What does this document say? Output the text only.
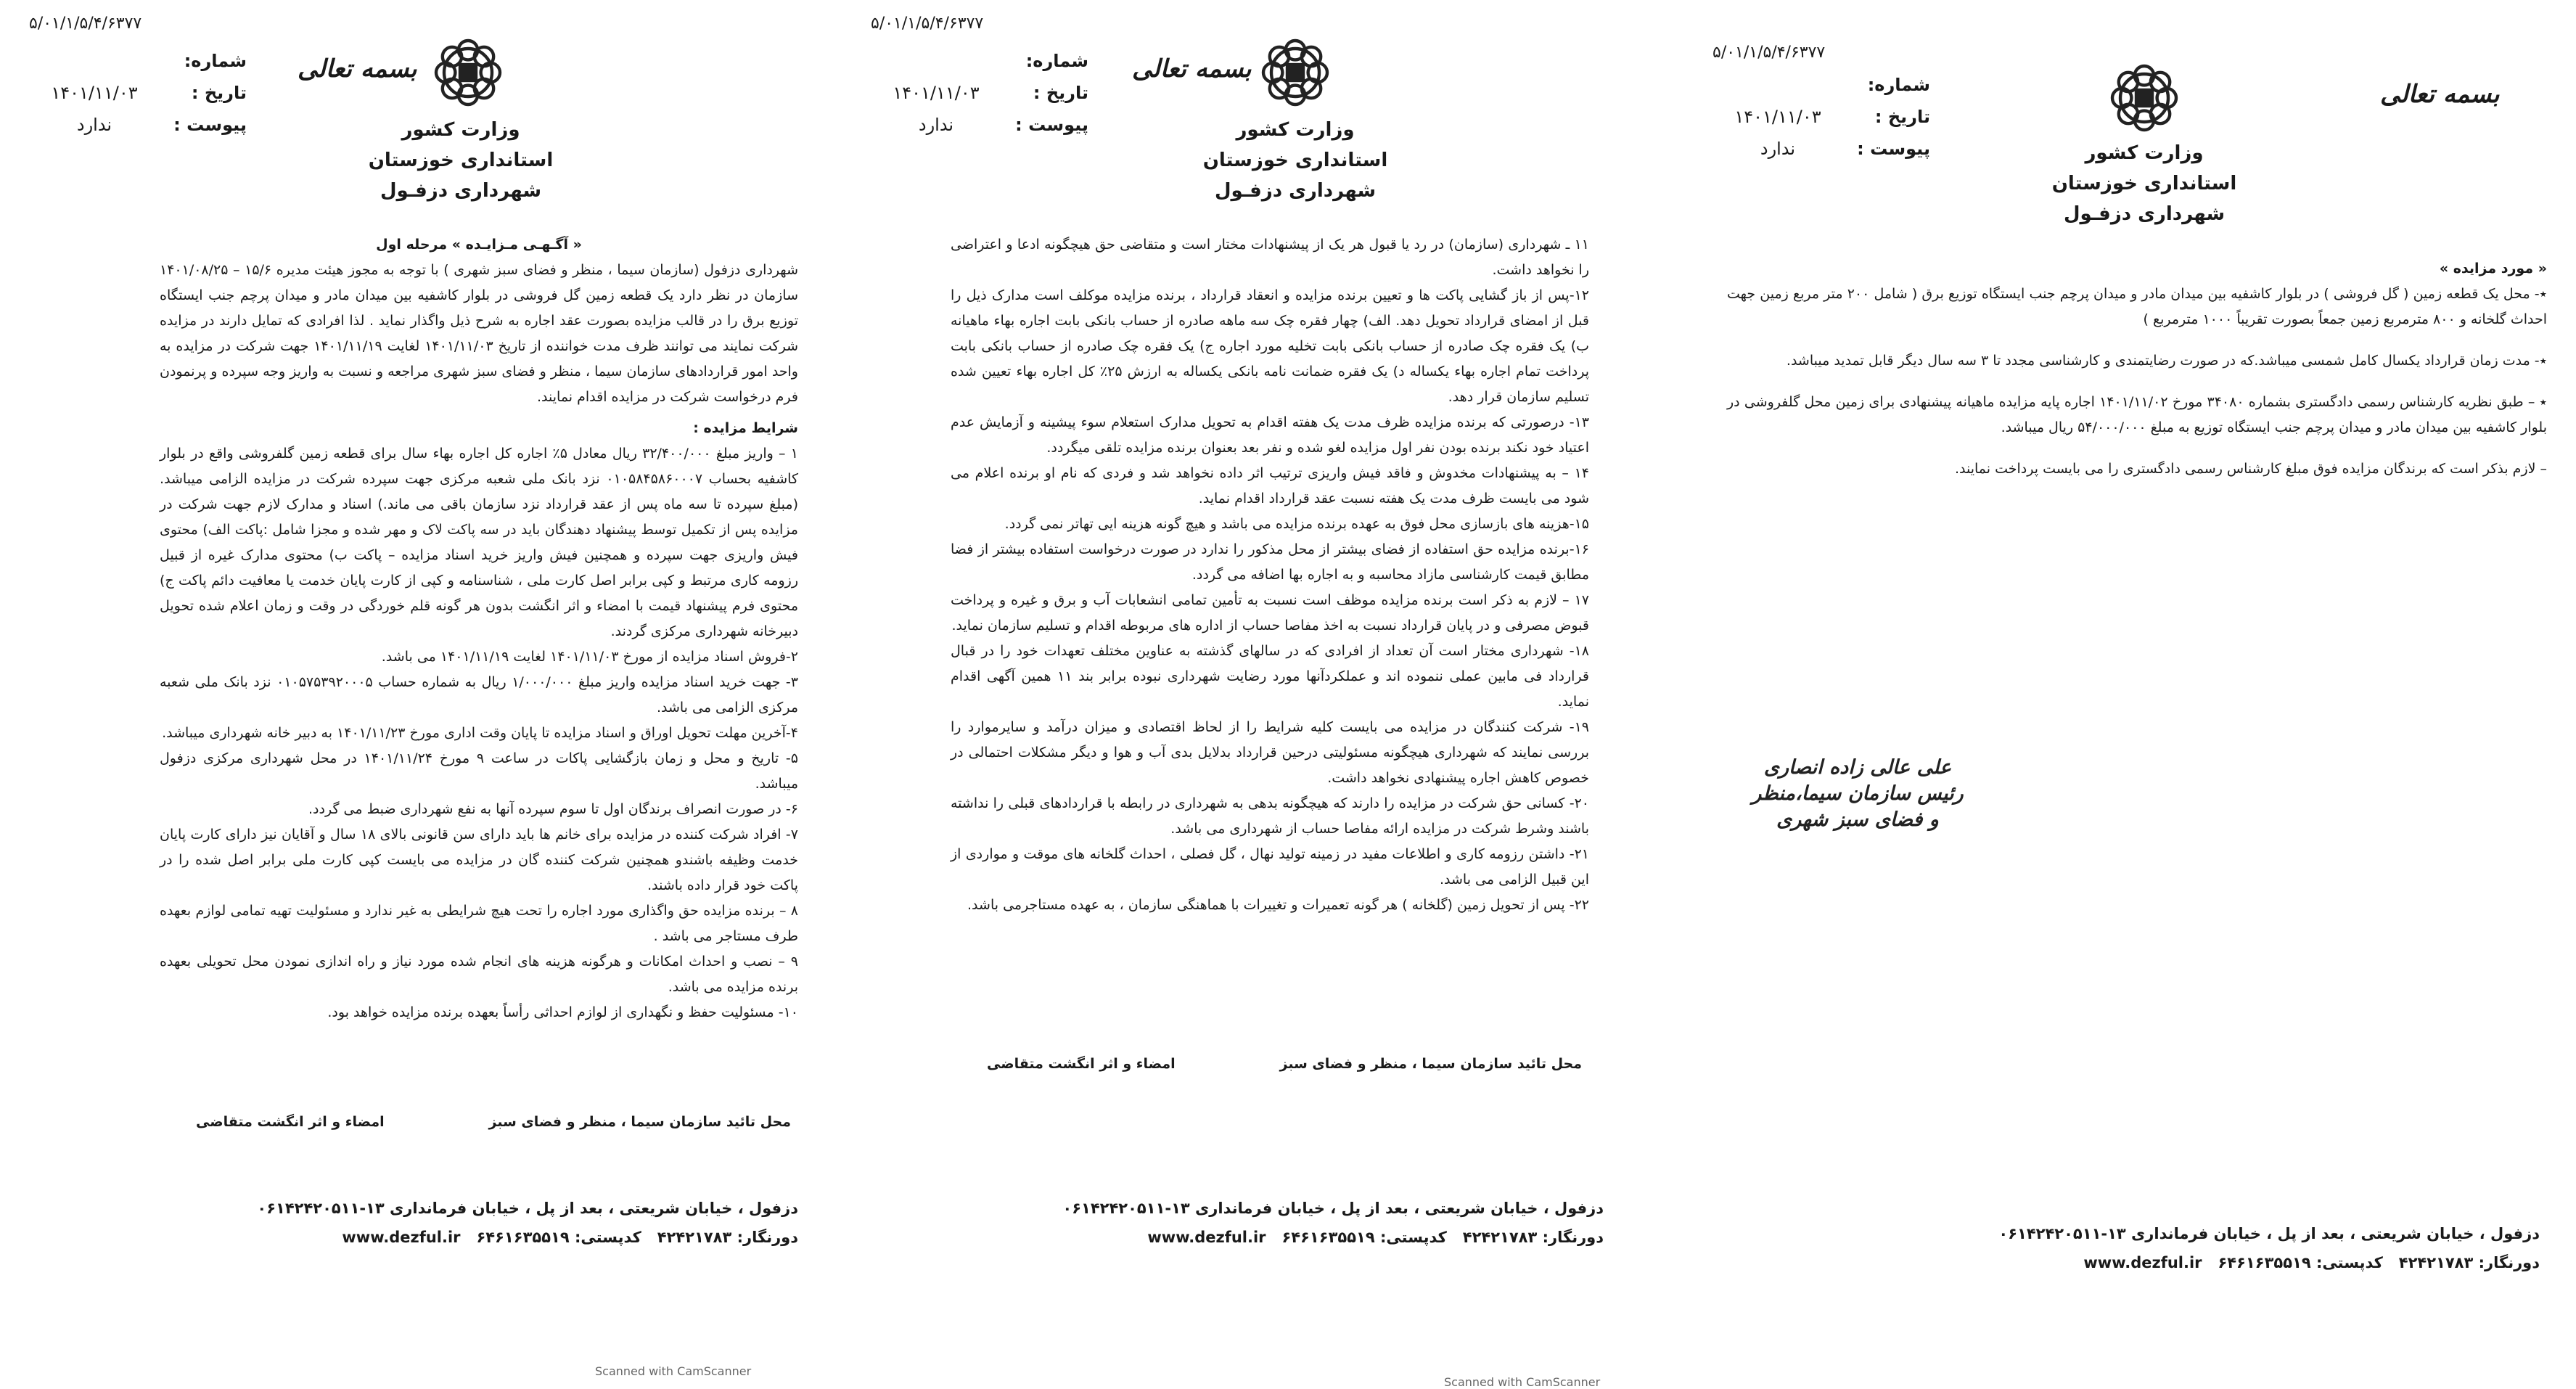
۵/۰۱/۱/۵/۴/۶۳۷۷
شماره:
تاریخ :۱۴۰۱/۱۱/۰۳
پیوست :ندارد
بسمه تعالی
وزارت کشور
استانداری خوزستان
شهرداری دزفـول

« آگـهـی مـزایـده » مرحله اول

شهرداری دزفول (سازمان سیما ، منظر و فضای سبز شهری ) با توجه به مجوز هیئت مدیره ۱۵/۶ – ۱۴۰۱/۰۸/۲۵ سازمان در نظر دارد یک قطعه زمین گل فروشی در بلوار کاشفیه بین میدان مادر و میدان پرچم جنب ایستگاه توزیع برق را در قالب مزایده بصورت عقد اجاره به شرح ذیل واگذار نماید . لذا افرادی که تمایل دارند در مزایده شرکت نمایند می توانند ظرف مدت خواننده از تاریخ ۱۴۰۱/۱۱/۰۳ لغایت ۱۴۰۱/۱۱/۱۹ جهت شرکت در مزایده به واحد امور قراردادهای سازمان سیما ، منظر و فضای سبز شهری مراجعه و نسبت به واریز وجه سپرده و پرنمودن فرم درخواست شرکت در مزایده اقدام نمایند.

شرایط مزایده :

۱ – واریز مبلغ ۳۲/۴۰۰/۰۰۰ ریال معادل ۵٪ اجاره کل اجاره بهاء سال برای قطعه زمین گلفروشی واقع در بلوار کاشفیه بحساب ۰۱۰۵۸۴۵۸۶۰۰۰۷ نزد بانک ملی شعبه مرکزی جهت سپرده شرکت در مزایده الزامی میباشد.(مبلغ سپرده تا سه ماه پس از عقد قرارداد نزد سازمان باقی می ماند.) اسناد و مدارک لازم جهت شرکت در مزایده پس از تکمیل توسط پیشنهاد دهندگان باید در سه پاکت لاک و مهر شده و مجزا شامل :پاکت الف) محتوی فیش واریزی جهت سپرده و همچنین فیش واریز خرید اسناد مزایده – پاکت ب) محتوی مدارک غیره از قبیل رزومه کاری مرتبط و کپی برابر اصل کارت ملی ، شناسنامه و کپی از کارت پایان خدمت یا معافیت دائم پاکت ج) محتوی فرم پیشنهاد قیمت با امضاء و اثر انگشت بدون هر گونه قلم خوردگی در وقت و زمان اعلام شده تحویل دبیرخانه شهرداری مرکزی گردند.

۲-فروش اسناد مزایده از مورخ ۱۴۰۱/۱۱/۰۳ لغایت ۱۴۰۱/۱۱/۱۹ می باشد.

۳- جهت خرید اسناد مزایده واریز مبلغ ۱/۰۰۰/۰۰۰ ریال به شماره حساب ۰۱۰۵۷۵۳۹۲۰۰۰۵ نزد بانک ملی شعبه مرکزی الزامی می باشد.

۴-آخرین مهلت تحویل اوراق و اسناد مزایده تا پایان وقت اداری مورخ ۱۴۰۱/۱۱/۲۳ به دبیر خانه شهرداری میباشد.

۵- تاریخ و محل و زمان بازگشایی پاکات در ساعت ۹ مورخ ۱۴۰۱/۱۱/۲۴ در محل شهرداری مرکزی دزفول میباشد.

۶- در صورت انصراف برندگان اول تا سوم سپرده آنها به نفع شهرداری ضبط می گردد.

۷- افراد شرکت کننده در مزایده برای خانم ها باید دارای سن قانونی بالای ۱۸ سال و آقایان نیز دارای کارت پایان خدمت وظیفه باشندو همچنین شرکت کننده گان در مزایده می بایست کپی کارت ملی برابر اصل شده را در پاکت خود قرار داده باشند.

۸ – برنده مزایده حق واگذاری مورد اجاره را تحت هیچ شرایطی به غیر ندارد و مسئولیت تهیه تمامی لوازم بعهده طرف مستاجر می باشد .

۹ – نصب و احداث امکانات و هرگونه هزینه های انجام شده مورد نیاز و راه اندازی نمودن محل تحویلی بعهده برنده مزایده می باشد.

۱۰- مسئولیت حفظ و نگهداری از لوازم احداثی رأساً بعهده برنده مزایده خواهد بود.

محل تائید سازمان سیما ، منظر و فضای سبز
امضاء و اثر انگشت متقاضی
دزفول ، خیابان شریعتی ، بعد از پل ، خیابان فرمانداری ۱۳-۰۶۱۴۲۴۲۰۵۱۱
دورنگار: ۴۲۴۲۱۷۸۳   کدپستی: ۶۴۶۱۶۳۵۵۱۹   www.dezful.ir
Scanned with CamScanner
۵/۰۱/۱/۵/۴/۶۳۷۷
شماره:
تاریخ :۱۴۰۱/۱۱/۰۳
پیوست :ندارد
بسمه تعالی
وزارت کشور
استانداری خوزستان
شهرداری دزفـول

۱۱ ـ شهرداری (سازمان) در رد یا قبول هر یک از پیشنهادات مختار است و متقاضی حق هیچگونه ادعا و اعتراضی را نخواهد داشت.

۱۲-پس از باز گشایی پاکت ها و تعیین برنده مزایده و انعقاد قرارداد ، برنده مزایده موکلف است مدارک ذیل را قبل از امضای قرارداد تحویل دهد. الف) چهار فقره چک سه ماهه صادره از حساب بانکی بابت اجاره بهاء ماهیانه ب) یک فقره چک صادره از حساب بانکی بابت تخلیه مورد اجاره ج) یک فقره چک صادره از حساب بانکی بابت پرداخت تمام اجاره بهاء یکساله د) یک فقره ضمانت نامه بانکی یکساله به ارزش ۲۵٪ کل اجاره بهاء تعیین شده تسلیم سازمان قرار دهد.

۱۳- درصورتی که برنده مزایده ظرف مدت یک هفته اقدام به تحویل مدارک استعلام سوء پیشینه و آزمایش عدم اعتیاد خود نکند برنده بودن نفر اول مزایده لغو شده و نفر بعد بعنوان برنده مزایده تلقی میگردد.

۱۴ – به پیشنهادات مخدوش و فاقد فیش واریزی ترتیب اثر داده نخواهد شد و فردی که نام او برنده اعلام می شود می بایست ظرف مدت یک هفته نسبت عقد قرارداد اقدام نماید.

۱۵-هزینه های بازسازی محل فوق به عهده برنده مزایده می باشد و هیچ گونه هزینه ایی تهاتر نمی گردد.

۱۶-برنده مزایده حق استفاده از فضای بیشتر از محل مذکور را ندارد در صورت درخواست استفاده بیشتر از فضا مطابق قیمت کارشناسی مازاد محاسبه و به اجاره بها اضافه می گردد.

۱۷ – لازم به ذکر است برنده مزایده موظف است نسبت به تأمین تمامی انشعابات آب و برق و غیره و پرداخت قبوض مصرفی و در پایان قرارداد نسبت به اخذ مفاصا حساب از اداره های مربوطه اقدام و تسلیم سازمان نماید.

۱۸- شهرداری مختار است آن تعداد از افرادی که در سالهای گذشته به عناوین مختلف تعهدات خود را در قبال قرارداد فی مابین عملی ننموده اند و عملکردآنها مورد رضایت شهرداری نبوده برابر بند ۱۱ همین آگهی اقدام نماید.

۱۹- شرکت کنندگان در مزایده می بایست کلیه شرایط را از لحاظ اقتصادی و میزان درآمد و سایرموارد را بررسی نمایند که شهرداری هیچگونه مسئولیتی درحین قرارداد بدلایل بدی آب و هوا و دیگر مشکلات احتمالی در خصوص کاهش اجاره پیشنهادی نخواهد داشت.

۲۰- کسانی حق شرکت در مزایده را دارند که هیچگونه بدهی به شهرداری در رابطه با قراردادهای قبلی را نداشته باشند وشرط شرکت در مزایده ارائه مفاصا حساب از شهرداری می باشد.

۲۱- داشتن رزومه کاری و اطلاعات مفید در زمینه تولید نهال ، گل فصلی ، احداث گلخانه های موقت و مواردی از این قبیل الزامی می باشد.

۲۲- پس از تحویل زمین (گلخانه ) هر گونه تعمیرات و تغییرات با هماهنگی سازمان ، به عهده مستاجرمی باشد.

محل تائید سازمان سیما ، منظر و فضای سبز
امضاء و اثر انگشت متقاضی
دزفول ، خیابان شریعتی ، بعد از پل ، خیابان فرمانداری ۱۳-۰۶۱۴۲۴۲۰۵۱۱
دورنگار: ۴۲۴۲۱۷۸۳   کدپستی: ۶۴۶۱۶۳۵۵۱۹   www.dezful.ir
Scanned with CamScanner
۵/۰۱/۱/۵/۴/۶۳۷۷
شماره:
تاریخ :۱۴۰۱/۱۱/۰۳
پیوست :ندارد
بسمه تعالی
وزارت کشور
استانداری خوزستان
شهرداری دزفـول

« مورد مزایده »

٭- محل یک قطعه زمین ( گل فروشی ) در بلوار کاشفیه بین میدان مادر و میدان پرچم جنب ایستگاه توزیع برق ( شامل ۲۰۰ متر مربع زمین جهت احداث گلخانه و ۸۰۰ مترمربع زمین جمعاً بصورت تقریباً ۱۰۰۰ مترمربع )

٭- مدت زمان قرارداد یکسال کامل شمسی میباشد.که در صورت رضایتمندی و کارشناسی مجدد تا ۳ سه سال دیگر قابل تمدید میباشد.

٭ – طبق نظریه کارشناس رسمی دادگستری بشماره ۳۴۰۸۰ مورخ ۱۴۰۱/۱۱/۰۲ اجاره پایه مزایده ماهیانه پیشنهادی برای زمین محل گلفروشی در بلوار کاشفیه بین میدان مادر و میدان پرچم جنب ایستگاه توزیع به مبلغ ۵۴/۰۰۰/۰۰۰ ریال میباشد.

– لازم بذکر است که برندگان مزایده فوق مبلغ کارشناس رسمی دادگستری را می بایست پرداخت نمایند.

علی عالی زاده انصاری
رئیس سازمان سیما،منظر
و فضای سبز شهری
دزفول ، خیابان شریعتی ، بعد از پل ، خیابان فرمانداری ۱۳-۰۶۱۴۲۴۲۰۵۱۱
دورنگار: ۴۲۴۲۱۷۸۳   کدپستی: ۶۴۶۱۶۳۵۵۱۹   www.dezful.ir
